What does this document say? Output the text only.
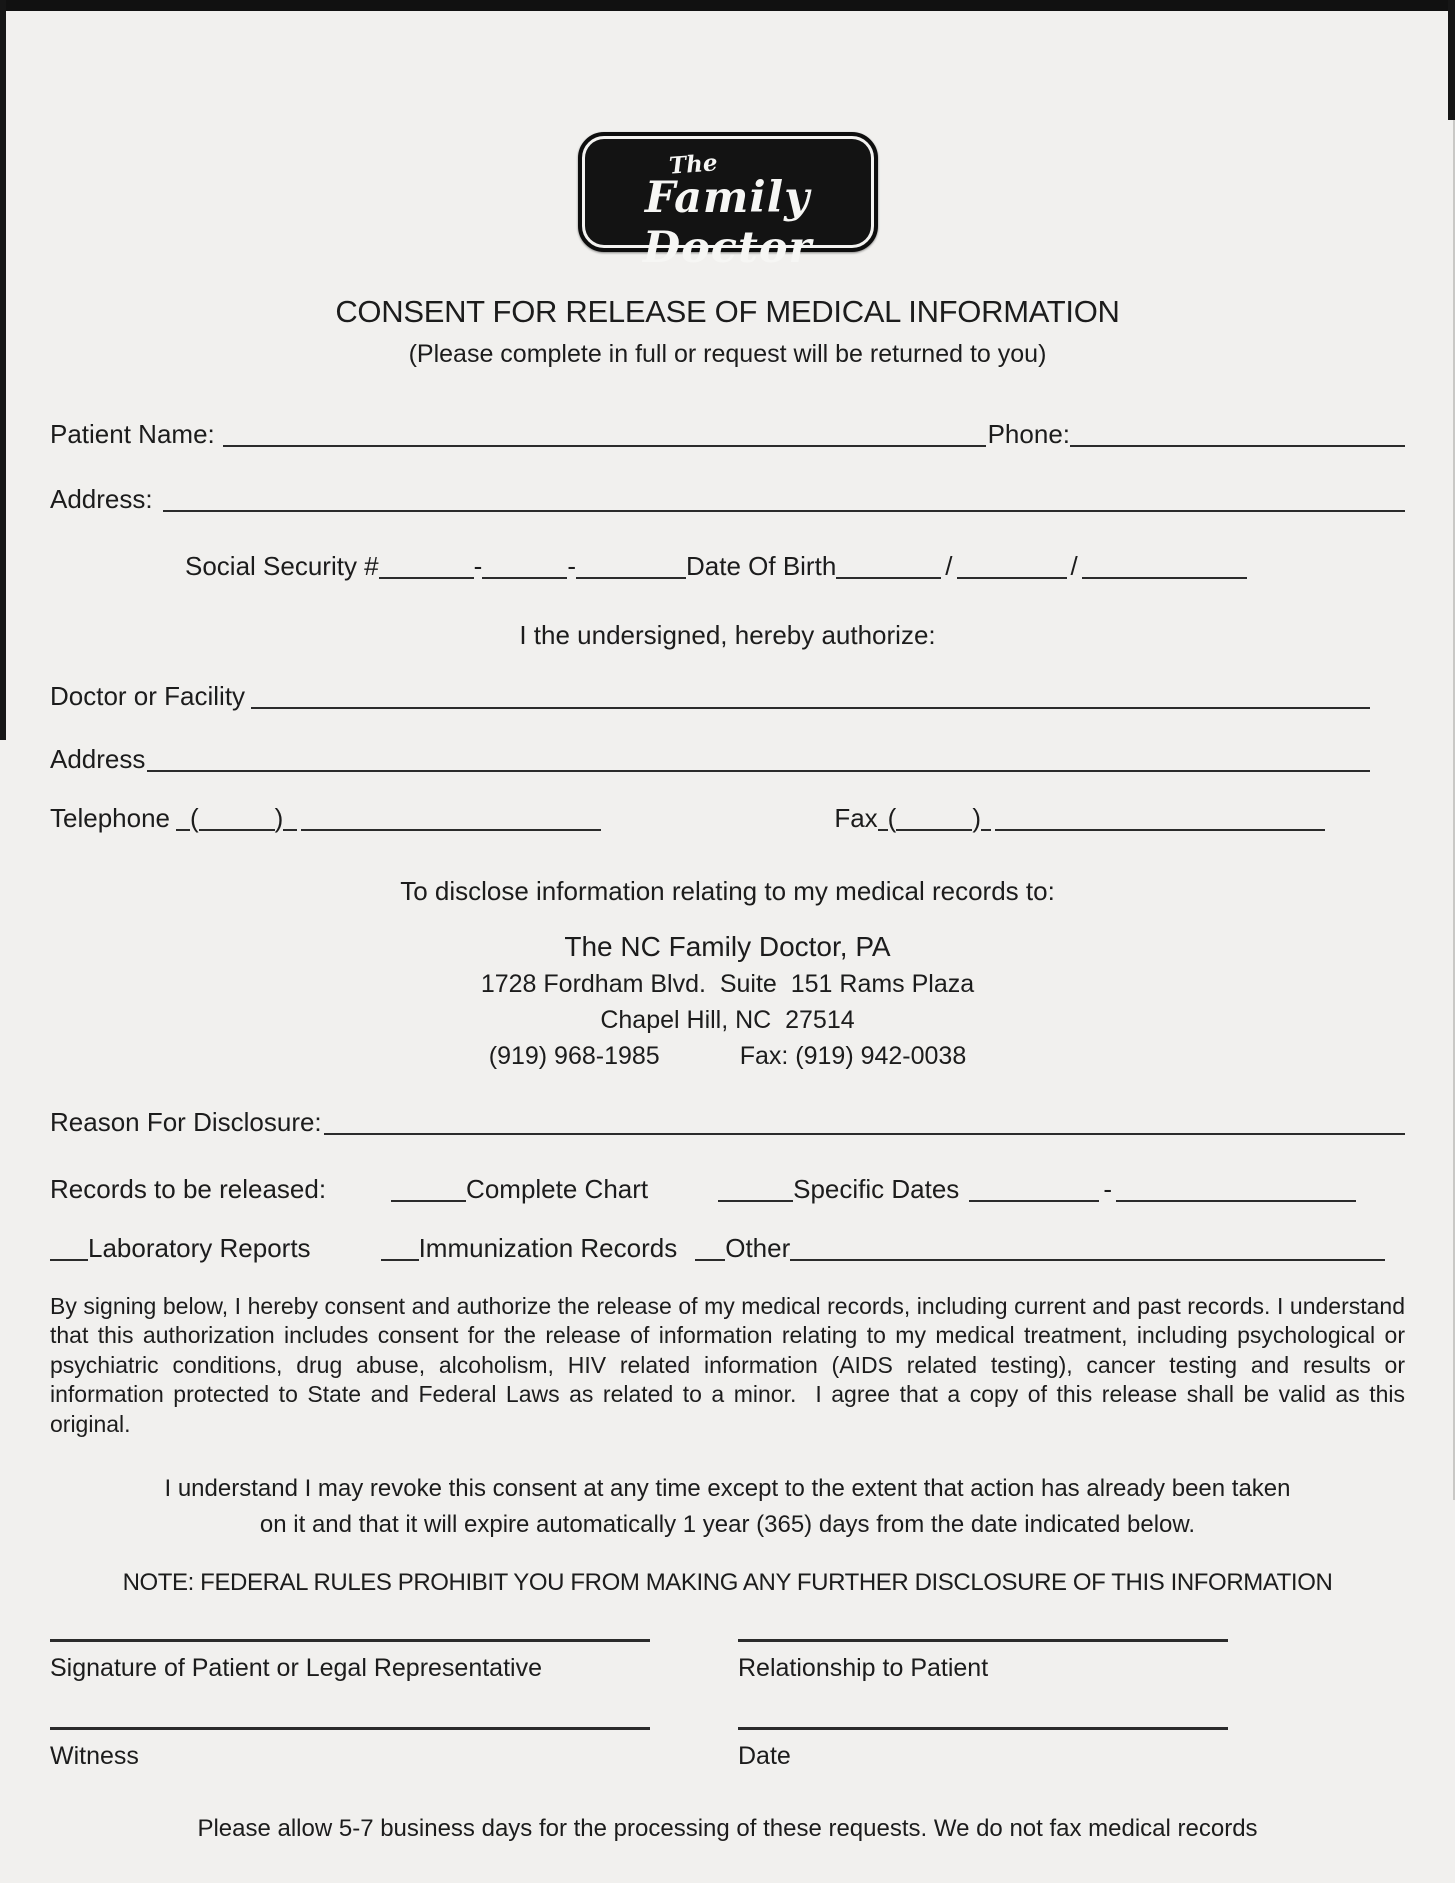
The
Family Doctor
CONSENT FOR RELEASE OF MEDICAL INFORMATION
(Please complete in full or request will be returned to you)
Patient Name:	Phone:
Address:
Social Security #	-	-	Date Of Birth	/	/
I the undersigned, hereby authorize:
Doctor or Facility
Address
Telephone (	)	Fax (	)
To disclose information relating to my medical records to:
The NC Family Doctor, PA
1728 Fordham Blvd.  Suite  151 Rams Plaza
Chapel Hill, NC  27514
(919) 968-1985	Fax: (919) 942-0038
Reason For Disclosure:
Records to be released:	Complete Chart	Specific Dates	-
Laboratory Reports	Immunization Records Other
By signing below, I hereby consent and authorize the release of my medical records, including current and past records. I understand that this authorization includes consent for the release of information relating to my medical treatment, including psychological or psychiatric conditions, drug abuse, alcoholism, HIV related information (AIDS related testing), cancer testing and results or information protected to State and Federal Laws as related to a minor.  I agree that a copy of this release shall be valid as this original.
I understand I may revoke this consent at any time except to the extent that action has already been taken on it and that it will expire automatically 1 year (365) days from the date indicated below.
NOTE: FEDERAL RULES PROHIBIT YOU FROM MAKING ANY FURTHER DISCLOSURE OF THIS INFORMATION
Signature of Patient or Legal Representative	Relationship to Patient
Witness	Date
Please allow 5-7 business days for the processing of these requests. We do not fax medical records
